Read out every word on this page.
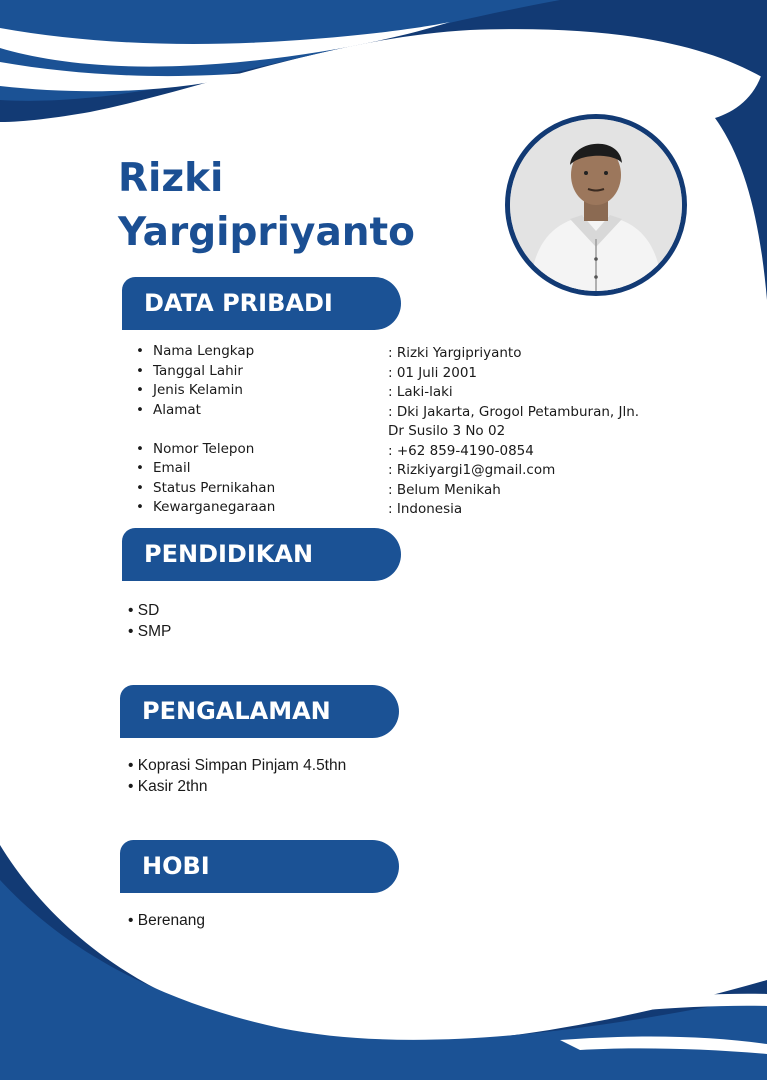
Rizki
Yargipriyanto
DATA PRIBADI
• Nama Lengkap
• Tanggal Lahir
• Jenis Kelamin
• Alamat
• Nomor Telepon
• Email
• Status Pernikahan
• Kewarganegaraan
: Rizki Yargipriyanto
: 01 Juli 2001
: Laki-laki
: Dki Jakarta, Grogol Petamburan, Jln.
Dr Susilo 3 No 02
: +62 859-4190-0854
: Rizkiyargi1@gmail.com
: Belum Menikah
: Indonesia
PENDIDIKAN
• SD
• SMP
PENGALAMAN
• Koprasi Simpan Pinjam 4.5thn
• Kasir 2thn
HOBI
• Berenang
